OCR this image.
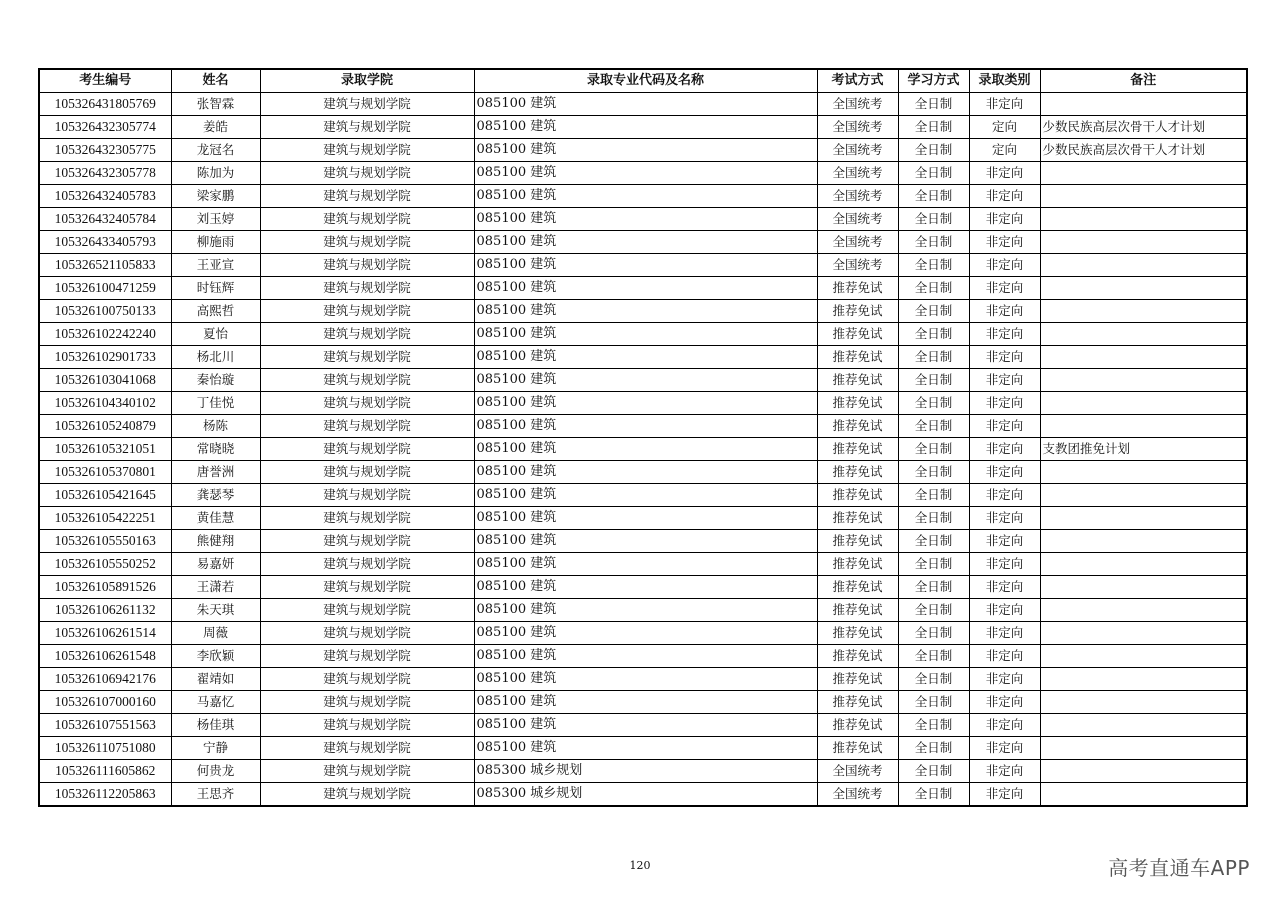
考生编号	姓名	录取学院	录取专业代码及名称	考试方式	学习方式	录取类别	备注
105326431805769	张智霖	建筑与规划学院	085100 建筑	全国统考	全日制	非定向	
105326432305774	姜皓	建筑与规划学院	085100 建筑	全国统考	全日制	定向	少数民族高层次骨干人才计划
105326432305775	龙冠名	建筑与规划学院	085100 建筑	全国统考	全日制	定向	少数民族高层次骨干人才计划
105326432305778	陈加为	建筑与规划学院	085100 建筑	全国统考	全日制	非定向	
105326432405783	梁家鹏	建筑与规划学院	085100 建筑	全国统考	全日制	非定向	
105326432405784	刘玉婷	建筑与规划学院	085100 建筑	全国统考	全日制	非定向	
105326433405793	柳施雨	建筑与规划学院	085100 建筑	全国统考	全日制	非定向	
105326521105833	王亚宣	建筑与规划学院	085100 建筑	全国统考	全日制	非定向	
105326100471259	时钰辉	建筑与规划学院	085100 建筑	推荐免试	全日制	非定向	
105326100750133	高熙哲	建筑与规划学院	085100 建筑	推荐免试	全日制	非定向	
105326102242240	夏怡	建筑与规划学院	085100 建筑	推荐免试	全日制	非定向	
105326102901733	杨北川	建筑与规划学院	085100 建筑	推荐免试	全日制	非定向	
105326103041068	秦怡璇	建筑与规划学院	085100 建筑	推荐免试	全日制	非定向	
105326104340102	丁佳悦	建筑与规划学院	085100 建筑	推荐免试	全日制	非定向	
105326105240879	杨陈	建筑与规划学院	085100 建筑	推荐免试	全日制	非定向	
105326105321051	常晓晓	建筑与规划学院	085100 建筑	推荐免试	全日制	非定向	支教团推免计划
105326105370801	唐誉洲	建筑与规划学院	085100 建筑	推荐免试	全日制	非定向	
105326105421645	龚瑟琴	建筑与规划学院	085100 建筑	推荐免试	全日制	非定向	
105326105422251	黄佳慧	建筑与规划学院	085100 建筑	推荐免试	全日制	非定向	
105326105550163	熊健翔	建筑与规划学院	085100 建筑	推荐免试	全日制	非定向	
105326105550252	易嘉妍	建筑与规划学院	085100 建筑	推荐免试	全日制	非定向	
105326105891526	王潇若	建筑与规划学院	085100 建筑	推荐免试	全日制	非定向	
105326106261132	朱天琪	建筑与规划学院	085100 建筑	推荐免试	全日制	非定向	
105326106261514	周薇	建筑与规划学院	085100 建筑	推荐免试	全日制	非定向	
105326106261548	李欣颖	建筑与规划学院	085100 建筑	推荐免试	全日制	非定向	
105326106942176	翟靖如	建筑与规划学院	085100 建筑	推荐免试	全日制	非定向	
105326107000160	马嘉忆	建筑与规划学院	085100 建筑	推荐免试	全日制	非定向	
105326107551563	杨佳琪	建筑与规划学院	085100 建筑	推荐免试	全日制	非定向	
105326110751080	宁静	建筑与规划学院	085100 建筑	推荐免试	全日制	非定向	
105326111605862	何贵龙	建筑与规划学院	085300 城乡规划	全国统考	全日制	非定向	
105326112205863	王思齐	建筑与规划学院	085300 城乡规划	全国统考	全日制	非定向	
120	高考直通车APP
